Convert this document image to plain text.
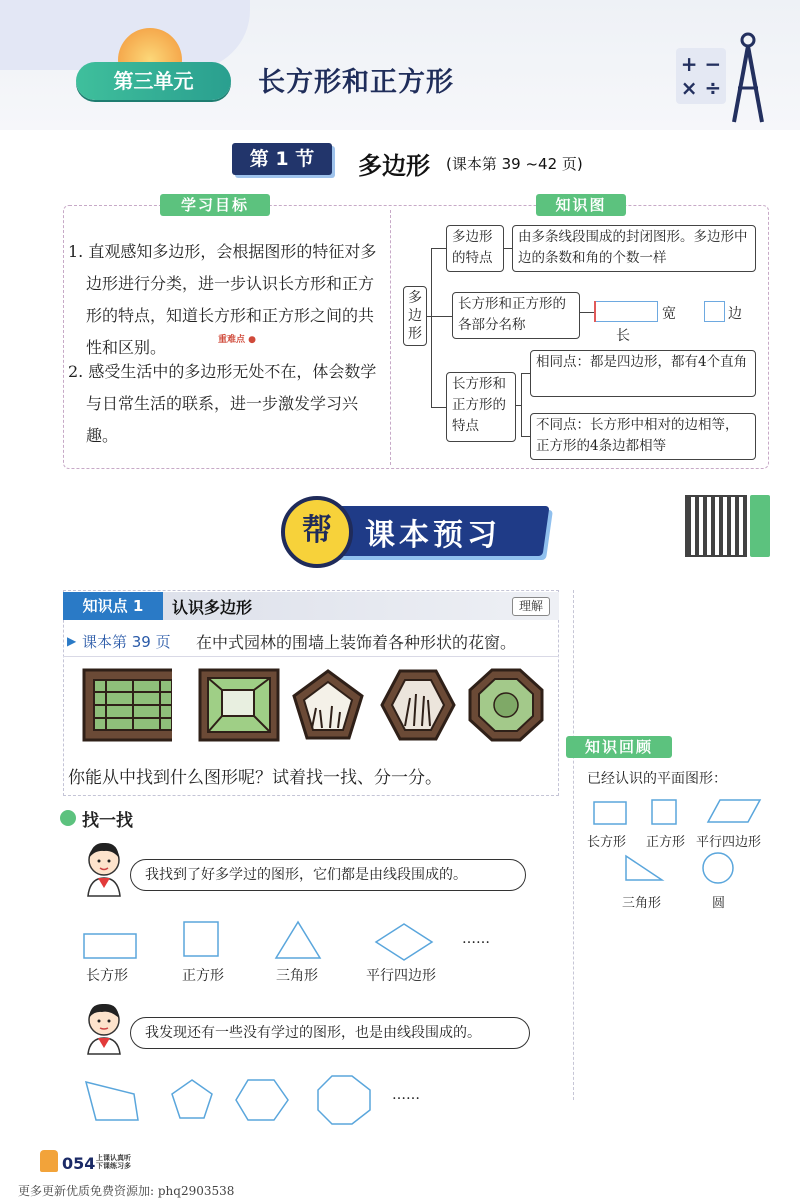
第三单元	长方形和正方形
+ −
× ÷
第 1 节	多边形 (课本第 39 ~42 页)
学习目标	知识图
1. 直观感知多边形，会根据图形的特征对多边形进行分类，进一步认识长方形和正方形的特点，知道长方形和正方形之间的共性和区别。	重难点 ●
2. 感受生活中的多边形无处不在，体会数学与日常生活的联系，进一步激发学习兴趣。
多边形
多边形的特点
由多条线段围成的封闭图形。多边形中边的条数和角的个数一样
长方形和正方形的各部分名称
宽
长
边
长方形和正方形的特点
相同点：都是四边形，都有4个直角
不同点：长方形中相对的边相等，正方形的4条边都相等
课本预习
帮
知识点 1	认识多边形	理解
▶ 课本第 39 页 在中式园林的围墙上装饰着各种形状的花窗。
你能从中找到什么图形呢？试着找一找、分一分。
知识回顾
已经认识的平面图形：
长方形 正方形 平行四边形
三角形	圆
找一找
我找到了好多学过的图形，它们都是由线段围成的。
……
长方形	正方形	三角形	平行四边形
我发现还有一些没有学过的图形，也是由线段围成的。
……
054 上课认真听
下课练习多
更多更新优质免费资源加: phq2903538
